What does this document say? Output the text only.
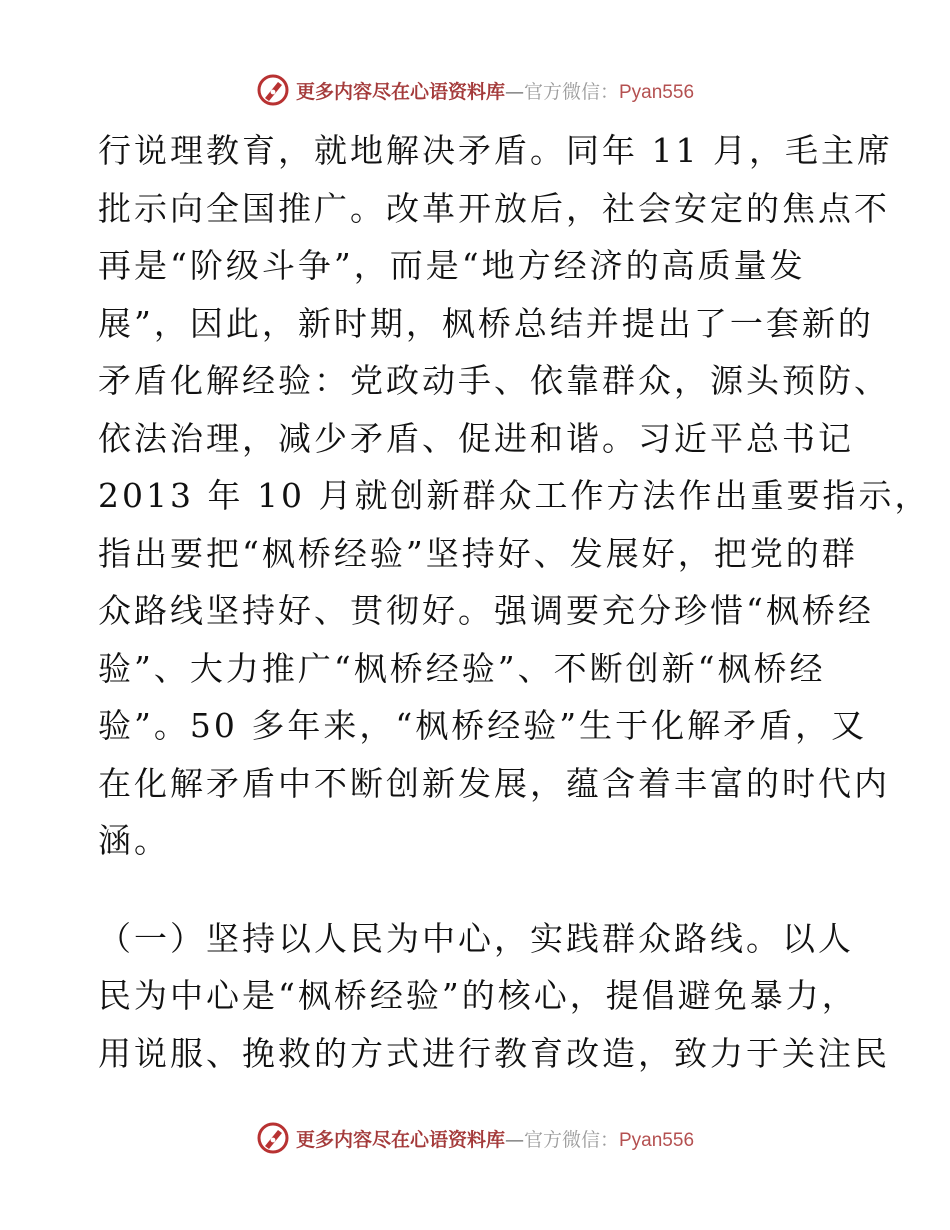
更多内容尽在心语资料库—官方微信：Pyan556
行说理教育，就地解决矛盾。同年 11 月，毛主席
批示向全国推广。改革开放后，社会安定的焦点不
再是“阶级斗争”，而是“地方经济的高质量发
展”，因此，新时期，枫桥总结并提出了一套新的
矛盾化解经验：党政动手、依靠群众，源头预防、
依法治理，减少矛盾、促进和谐。习近平总书记
2013 年 10 月就创新群众工作方法作出重要指示，
指出要把“枫桥经验”坚持好、发展好，把党的群
众路线坚持好、贯彻好。强调要充分珍惜“枫桥经
验”、大力推广“枫桥经验”、不断创新“枫桥经
验”。50 多年来，“枫桥经验”生于化解矛盾，又
在化解矛盾中不断创新发展，蕴含着丰富的时代内
涵。
（一）坚持以人民为中心，实践群众路线。以人
民为中心是“枫桥经验”的核心，提倡避免暴力，
用说服、挽救的方式进行教育改造，致力于关注民
更多内容尽在心语资料库—官方微信：Pyan556
